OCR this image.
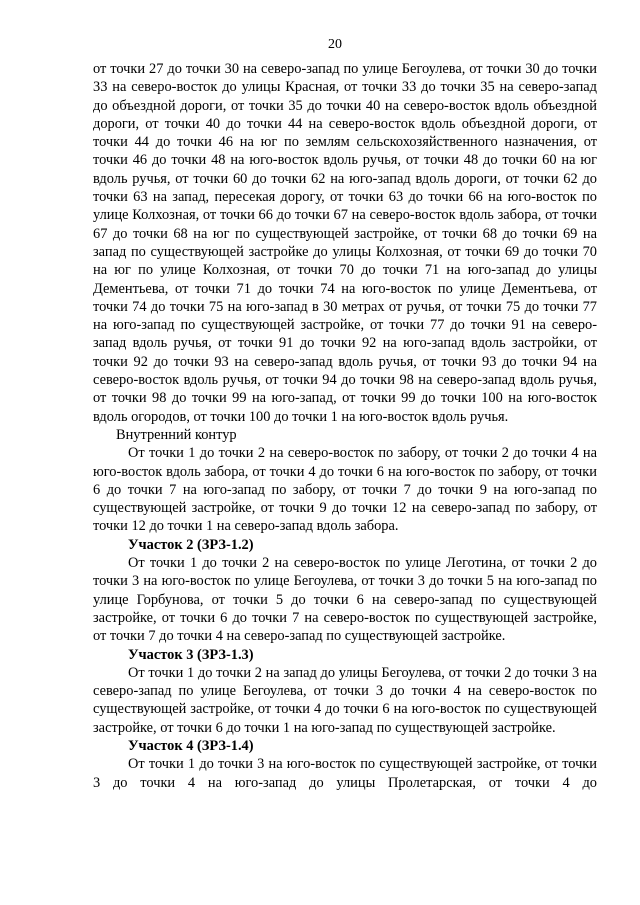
20

от точки 27 до точки 30 на северо-запад по улице Бегоулева, от точки 30 до точки 33 на северо-восток до улицы Красная, от точки 33 до точки 35 на северо-запад до объездной дороги, от точки 35 до точки 40 на северо-восток вдоль объездной дороги, от точки 40 до точки 44 на северо-восток вдоль объездной дороги, от точки 44 до точки 46 на юг по землям сельскохозяйственного назначения, от точки 46 до точки 48 на юго-восток вдоль ручья, от точки 48 до точки 60 на юг вдоль ручья, от точки 60 до точки 62 на юго-запад вдоль дороги, от точки 62 до точки 63 на запад, пересекая дорогу, от точки 63 до точки 66 на юго-восток по улице Колхозная, от точки 66 до точки 67 на северо-восток вдоль забора, от точки 67 до точки 68 на юг по существующей застройке, от точки 68 до точки 69 на запад по существующей застройке до улицы Колхозная, от точки 69 до точки 70 на юг по улице Колхозная, от точки 70 до точки 71 на юго-запад до улицы Дементьева, от точки 71 до точки 74 на юго-восток по улице Дементьева, от точки 74 до точки 75 на юго-запад в 30 метрах от ручья, от точки 75 до точки 77 на юго-запад по существующей застройке, от точки 77 до точки 91 на северо-запад вдоль ручья, от точки 91 до точки 92 на юго-запад вдоль застройки, от точки 92 до точки 93 на северо-запад вдоль ручья, от точки 93 до точки 94 на северо-восток вдоль ручья, от точки 94 до точки 98 на северо-запад вдоль ручья, от точки 98 до точки 99 на юго-запад, от точки 99 до точки 100 на юго-восток вдоль огородов, от точки 100 до точки 1 на юго-восток вдоль ручья.

Внутренний контур

От точки 1 до точки 2 на северо-восток по забору, от точки 2 до точки 4 на юго-восток вдоль забора, от точки 4 до точки 6 на юго-восток по забору, от точки 6 до точки 7 на юго-запад по забору, от точки 7 до точки 9 на юго-запад по существующей застройке, от точки 9 до точки 12 на северо-запад по забору, от точки 12 до точки 1 на северо-запад вдоль забора.

Участок 2 (ЗРЗ-1.2)

От точки 1 до точки 2 на северо-восток по улице Леготина, от точки 2 до точки 3 на юго-восток по улице Бегоулева, от точки 3 до точки 5 на юго-запад по улице Горбунова, от точки 5 до точки 6 на северо-запад по существующей застройке, от точки 6 до точки 7 на северо-восток по существующей застройке, от точки 7 до точки 4 на северо-запад по существующей застройке.

Участок 3 (ЗРЗ-1.3)

От точки 1 до точки 2 на запад до улицы Бегоулева, от точки 2 до точки 3 на северо-запад по улице Бегоулева, от точки 3 до точки 4 на северо-восток по существующей застройке, от точки 4 до точки 6 на юго-восток по существующей застройке, от точки 6 до точки 1 на юго-запад по существующей застройке.

Участок 4 (ЗРЗ-1.4)

От точки 1 до точки 3 на юго-восток по существующей застройке, от точки 3 до точки 4 на юго-запад до улицы Пролетарская, от точки 4 до
